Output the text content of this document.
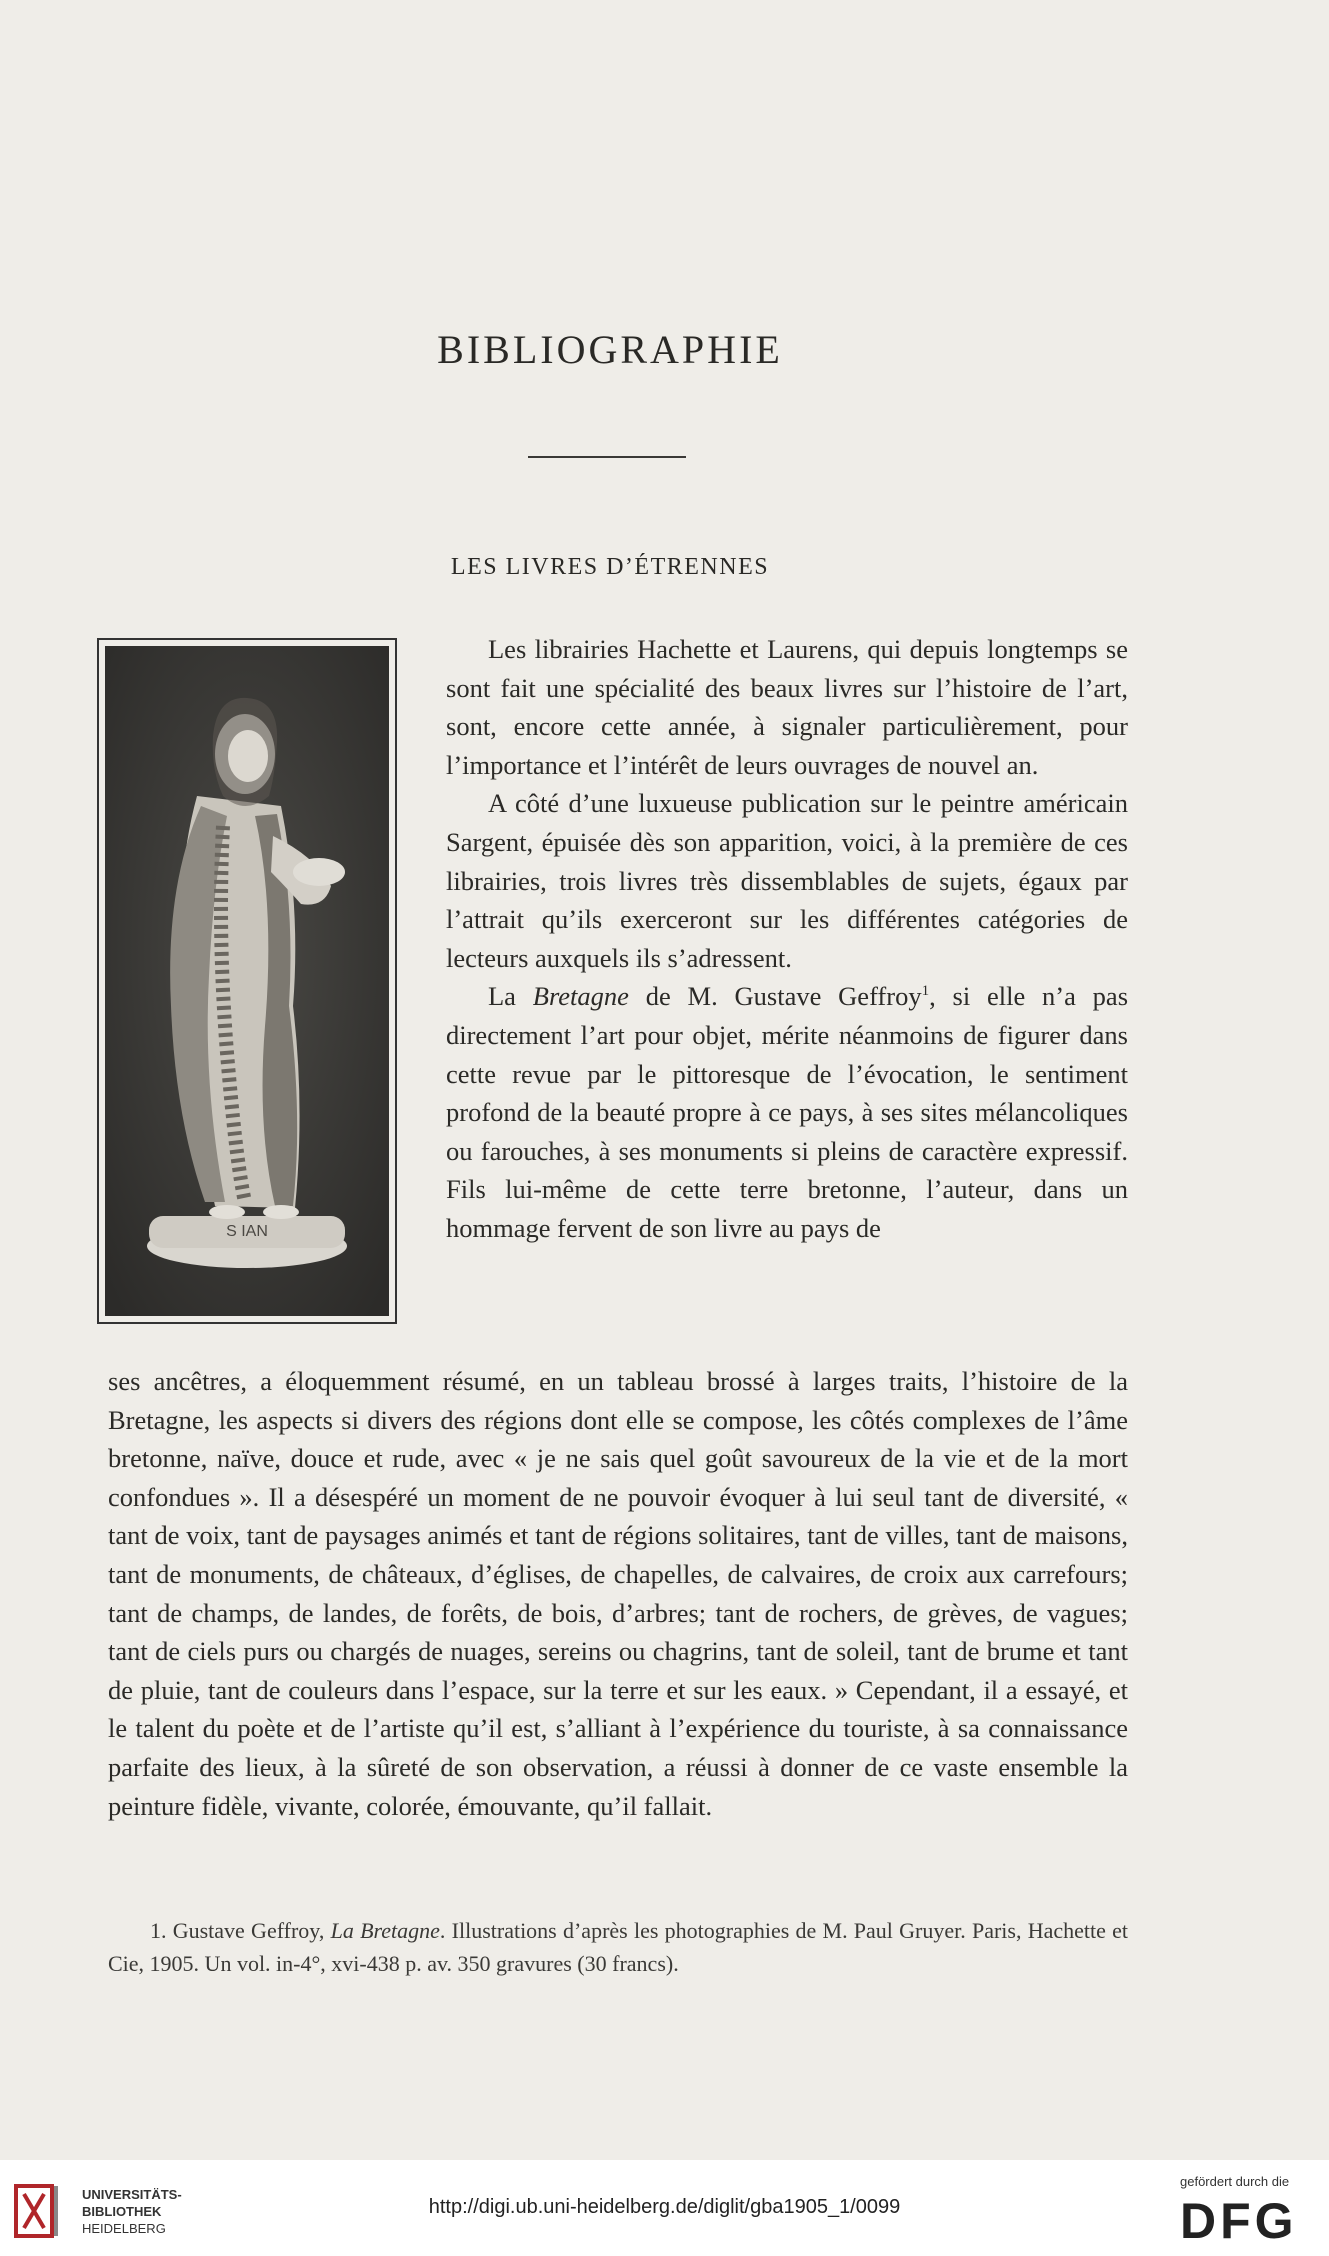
BIBLIOGRAPHIE
LES LIVRES D’ÉTRENNES
S IAN

Les librairies Hachette et Laurens, qui depuis longtemps se sont fait une spécialité des beaux livres sur l’histoire de l’art, sont, encore cette année, à signaler particulièrement, pour l’importance et l’intérêt de leurs ouvrages de nouvel an.

A côté d’une luxueuse publication sur le peintre américain Sargent, épuisée dès son apparition, voici, à la première de ces librairies, trois livres très dissemblables de sujets, égaux par l’attrait qu’ils exerceront sur les différentes catégories de lecteurs auxquels ils s’adressent.

La Bretagne de M. Gustave Geffroy$^1$, si elle n’a pas directement l’art pour objet, mérite néanmoins de figurer dans cette revue par le pittoresque de l’évocation, le sentiment profond de la beauté propre à ce pays, à ses sites mélancoliques ou farouches, à ses monuments si pleins de caractère expressif. Fils lui-même de cette terre bretonne, l’auteur, dans un hommage fervent de son livre au pays de

ses ancêtres, a éloquemment résumé, en un tableau brossé à larges traits, l’histoire de la Bretagne, les aspects si divers des régions dont elle se compose, les côtés complexes de l’âme bretonne, naïve, douce et rude, avec « je ne sais quel goût savoureux de la vie et de la mort confondues ». Il a désespéré un moment de ne pouvoir évoquer à lui seul tant de diversité, « tant de voix, tant de paysages animés et tant de régions solitaires, tant de villes, tant de maisons, tant de monuments, de châteaux, d’églises, de chapelles, de calvaires, de croix aux carrefours; tant de champs, de landes, de forêts, de bois, d’arbres; tant de rochers, de grèves, de vagues; tant de ciels purs ou chargés de nuages, sereins ou chagrins, tant de soleil, tant de brume et tant de pluie, tant de couleurs dans l’espace, sur la terre et sur les eaux. » Cependant, il a essayé, et le talent du poète et de l’artiste qu’il est, s’alliant à l’expérience du touriste, à sa connaissance parfaite des lieux, à la sûreté de son observation, a réussi à donner de ce vaste ensemble la peinture fidèle, vivante, colorée, émouvante, qu’il fallait.

1. Gustave Geffroy, La Bretagne. Illustrations d’après les photographies de M. Paul Gruyer. Paris, Hachette et Cie, 1905. Un vol. in-4°, xvi-438 p. av. 350 gravures (30 francs).

UNIVERSITÄTS-
BIBLIOTHEK
HEIDELBERG
http://digi.ub.uni-heidelberg.de/diglit/gba1905_1/0099
gefördert durch die
DFG
